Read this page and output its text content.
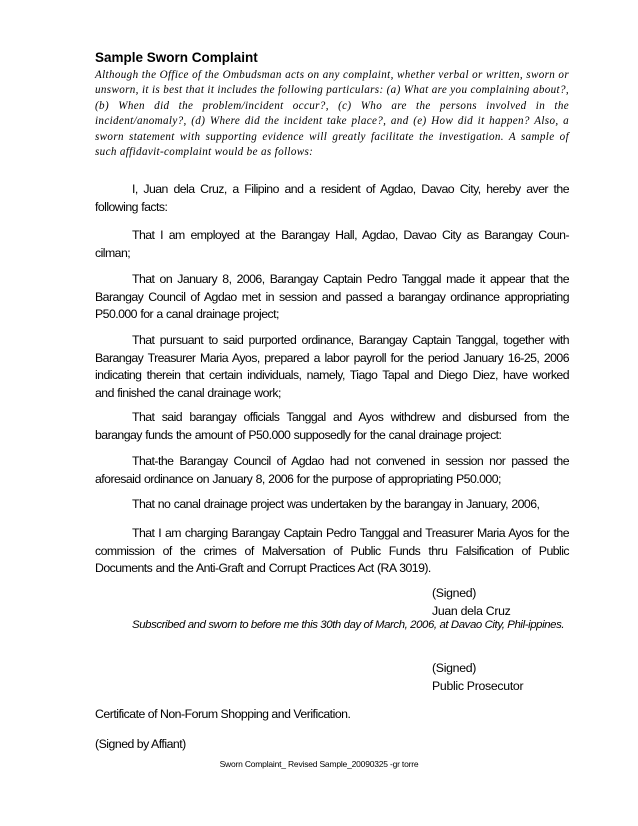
Sample Sworn Complaint
Although the Office of the Ombudsman acts on any complaint, whether verbal or written, sworn or unsworn, it is best that it includes the following particulars: (a) What are you complaining about?, (b) When did the problem/incident occur?, (c) Who are the persons involved in the incident/anomaly?, (d) Where did the incident take place?, and (e) How did it happen? Also, a sworn statement with supporting evidence will greatly facilitate the investigation. A sample of such affidavit-complaint would be as follows:
I, Juan dela Cruz, a Filipino and a resident of Agdao, Davao City, hereby aver the following facts:
That I am employed at the Barangay Hall, Agdao, Davao City as Barangay Coun-cilman;
That on January 8, 2006, Barangay Captain Pedro Tanggal made it appear that the Barangay Council of Agdao met in session and passed a barangay ordinance appropriating P50.000 for a canal drainage project;
That pursuant to said purported ordinance, Barangay Captain Tanggal, together with Barangay Treasurer Maria Ayos, prepared a labor payroll for the period January 16-25, 2006 indicating therein that certain individuals, namely, Tiago Tapal and Diego Diez, have worked and finished the canal drainage work;
That said barangay officials Tanggal and Ayos withdrew and disbursed from the barangay funds the amount of P50.000 supposedly for the canal drainage project:
That-the Barangay Council of Agdao had not convened in session nor passed the aforesaid ordinance on January 8, 2006 for the purpose of appropriating P50.000;
That no canal drainage project was undertaken by the barangay in January, 2006,
That I am charging Barangay Captain Pedro Tanggal and Treasurer Maria Ayos for the commission of the crimes of Malversation of Public Funds thru Falsification of Public Documents and the Anti-Graft and Corrupt Practices Act (RA 3019).
(Signed)
Juan dela Cruz
Subscribed and sworn to before me this 30th day of March, 2006, at Davao City, Phil-ippines.
(Signed)
Public Prosecutor
Certificate of Non-Forum Shopping and Verification.
(Signed by Affiant)
Sworn Complaint_ Revised Sample_20090325 -gr torre
